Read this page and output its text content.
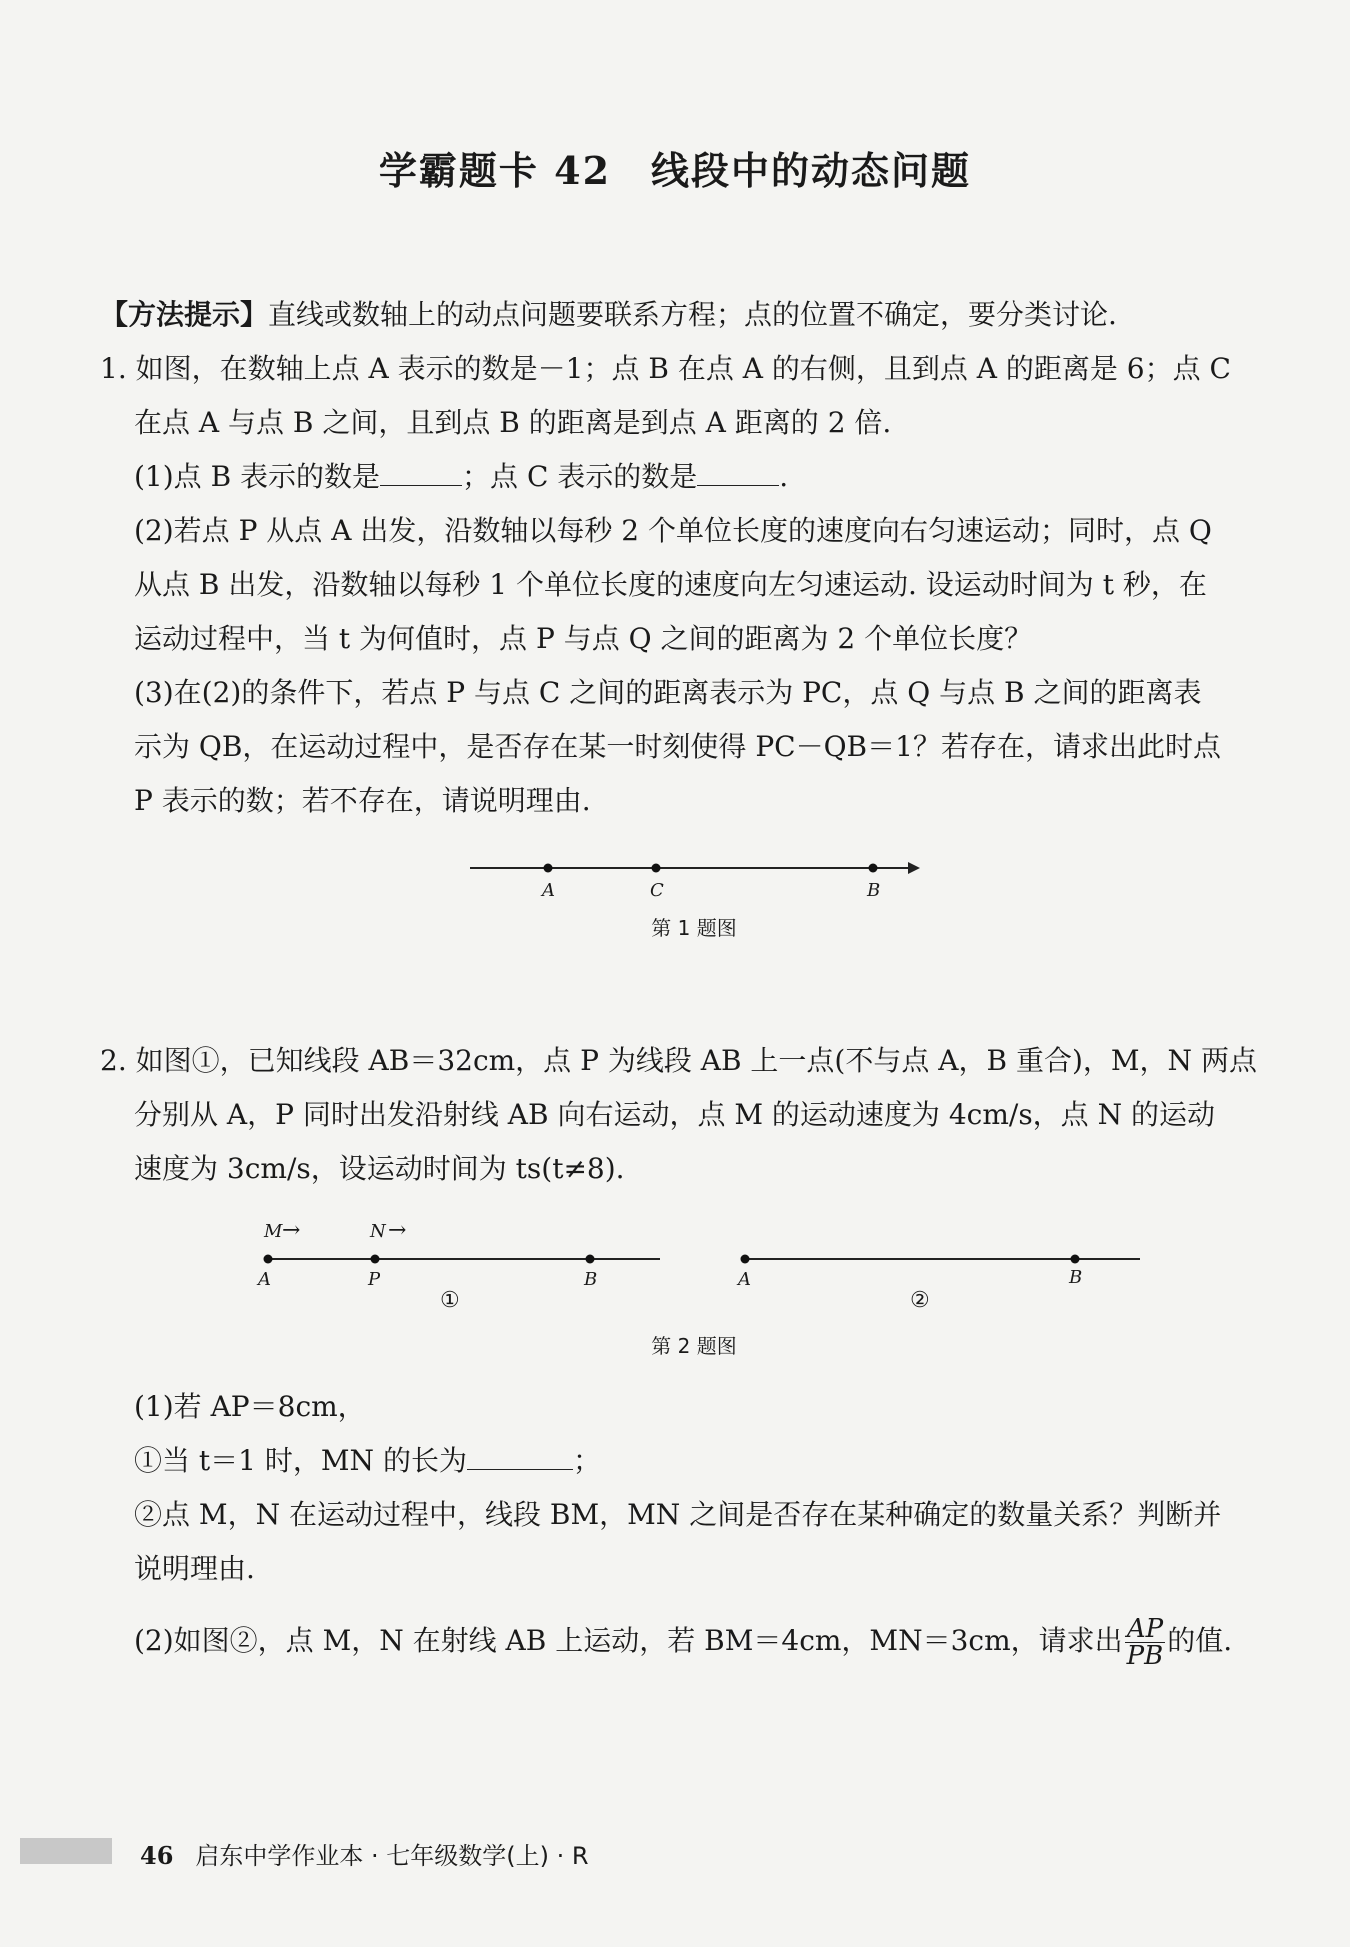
学霸题卡 42 线段中的动态问题
【方法提示】直线或数轴上的动点问题要联系方程；点的位置不确定，要分类讨论.
1. 如图，在数轴上点 A 表示的数是－1；点 B 在点 A 的右侧，且到点 A 的距离是 6；点 C
在点 A 与点 B 之间，且到点 B 的距离是到点 A 距离的 2 倍.
(1)点 B 表示的数是	；点 C 表示的数是	.
(2)若点 P 从点 A 出发，沿数轴以每秒 2 个单位长度的速度向右匀速运动；同时，点 Q
从点 B 出发，沿数轴以每秒 1 个单位长度的速度向左匀速运动. 设运动时间为 t 秒，在
运动过程中，当 t 为何值时，点 P 与点 Q 之间的距离为 2 个单位长度？
(3)在(2)的条件下，若点 P 与点 C 之间的距离表示为 PC，点 Q 与点 B 之间的距离表
示为 QB，在运动过程中，是否存在某一时刻使得 PC－QB＝1？若存在，请求出此时点
P 表示的数；若不存在，请说明理由.
A	C	B
第 1 题图
2. 如图①，已知线段 AB＝32cm，点 P 为线段 AB 上一点(不与点 A，B 重合)，M，N 两点
分别从 A，P 同时出发沿射线 AB 向右运动，点 M 的运动速度为 4cm/s，点 N 的运动
速度为 3cm/s，设运动时间为 ts(t≠8).
M →	N →
A	P	B
①
A	B
②
第 2 题图
(1)若 AP＝8cm，
①当 t＝1 时，MN 的长为	；
②点 M，N 在运动过程中，线段 BM，MN 之间是否存在某种确定的数量关系？判断并
说明理由.
(2)如图②，点 M，N 在射线 AB 上运动，若 BM＝4cm，MN＝3cm，请求出 $\frac{AP}{PB}$ 的值.
46 启东中学作业本 · 七年级数学(上) · R
